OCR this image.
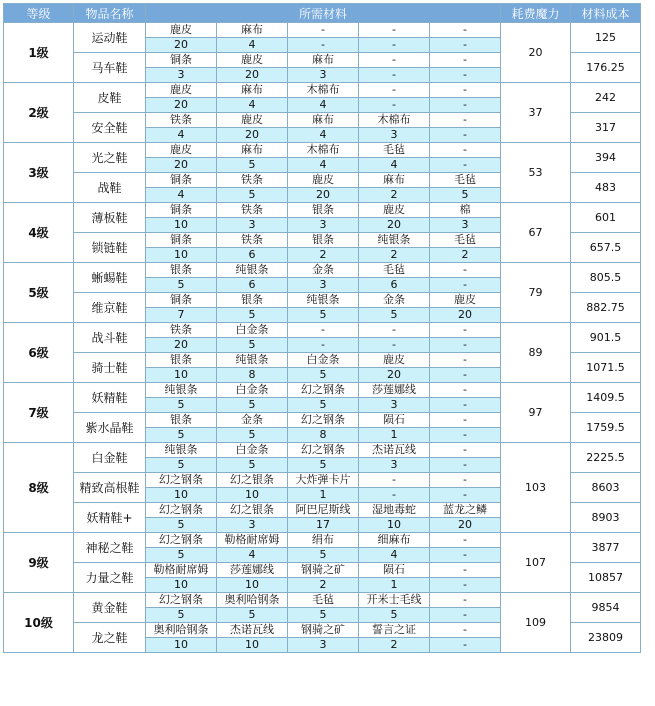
等级	物品名称	所需材料					耗费魔力	材料成本
1级	运动鞋	鹿皮	麻布	-	-	-	20	125
		20	4	-	-	-		
	马车鞋	铜条	鹿皮	麻布	-	-		176.25
		3	20	3	-	-		
2级	皮鞋	鹿皮	麻布	木棉布	-	-	37	242
		20	4	4	-	-		
	安全鞋	铁条	鹿皮	麻布	木棉布	-		317
		4	20	4	3	-		
3级	光之鞋	鹿皮	麻布	木棉布	毛毡	-	53	394
		20	5	4	4	-		
	战鞋	铜条	铁条	鹿皮	麻布	毛毡		483
		4	5	20	2	5		
4级	薄板鞋	铜条	铁条	银条	鹿皮	棉	67	601
		10	3	3	20	3		
	锁链鞋	铜条	铁条	银条	纯银条	毛毡		657.5
		10	6	2	2	2		
5级	蜥蜴鞋	银条	纯银条	金条	毛毡	-	79	805.5
		5	6	3	6	-		
	维京鞋	铜条	银条	纯银条	金条	鹿皮		882.75
		7	5	5	5	20		
6级	战斗鞋	铁条	白金条	-	-	-	89	901.5
		20	5	-	-	-		
	骑士鞋	银条	纯银条	白金条	鹿皮	-		1071.5
		10	8	5	20	-		
7级	妖精鞋	纯银条	白金条	幻之钢条	莎莲娜线	-	97	1409.5
		5	5	5	3	-		
	紫水晶鞋	银条	金条	幻之钢条	陨石	-		1759.5
		5	5	8	1	-		
8级	白金鞋	纯银条	白金条	幻之钢条	杰诺瓦线	-	103	2225.5
		5	5	5	3	-		
	精致高根鞋	幻之钢条	幻之银条	大炸弹卡片	-	-		8603
		10	10	1	-	-		
	妖精鞋+	幻之钢条	幻之银条	阿巴尼斯线	湿地毒蛇	蓝龙之鳞		8903
		5	3	17	10	20		
9级	神秘之鞋	幻之钢条	勒格耐席姆	绢布	细麻布	-	107	3877
		5	4	5	4	-		
	力量之鞋	勒格耐席姆	莎莲娜线	钢骑之矿	陨石	-		10857
		10	10	2	1	-		
10级	黄金鞋	幻之钢条	奥利哈钢条	毛毡	开米士毛线	-	109	9854
		5	5	5	5	-		
	龙之鞋	奥利哈钢条	杰诺瓦线	钢骑之矿	誓言之证	-		23809
		10	10	3	2	-		
